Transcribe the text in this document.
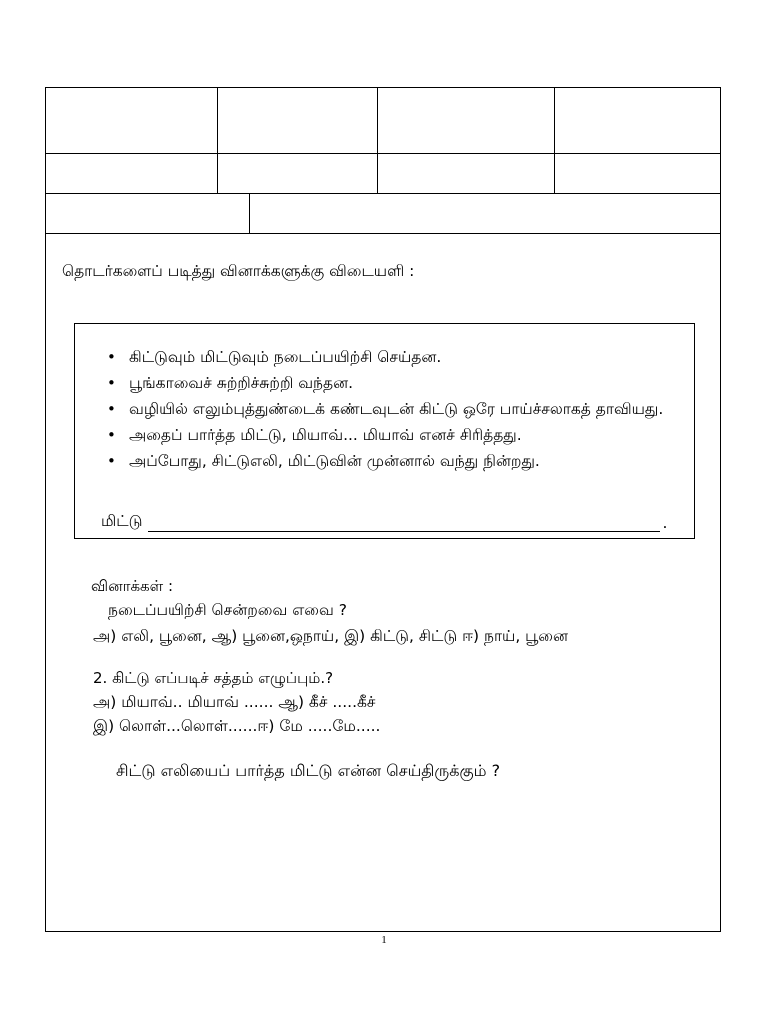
தொடர்களைப் படித்து வினாக்களுக்கு விடையளி :
• கிட்டுவும் மிட்டுவும் நடைப்பயிற்சி செய்தன.
• பூங்காவைச் சுற்றிச்சுற்றி வந்தன.
• வழியில் எலும்புத்துண்டைக் கண்டவுடன் கிட்டு ஒரே பாய்ச்சலாகத் தாவியது.
• அதைப் பார்த்த மிட்டு, மியாவ்... மியாவ் எனச் சிரித்தது.
• அப்போது, சிட்டுஎலி, மிட்டுவின் முன்னால் வந்து நின்றது.
மிட்டு	.
வினாக்கள் :
நடைப்பயிற்சி சென்றவை எவை ?
அ) எலி, பூனை, ஆ) பூனை,ஒநாய், இ) கிட்டு, சிட்டு ஈ) நாய், பூனை
2. கிட்டு எப்படிச் சத்தம் எழுப்பும்.?
அ) மியாவ்.. மியாவ் ...... ஆ) கீச் .....கீச்
இ) லொள்...லொள்......ஈ) மே .....மே.....
சிட்டு எலியைப் பார்த்த மிட்டு என்ன செய்திருக்கும் ?
1
